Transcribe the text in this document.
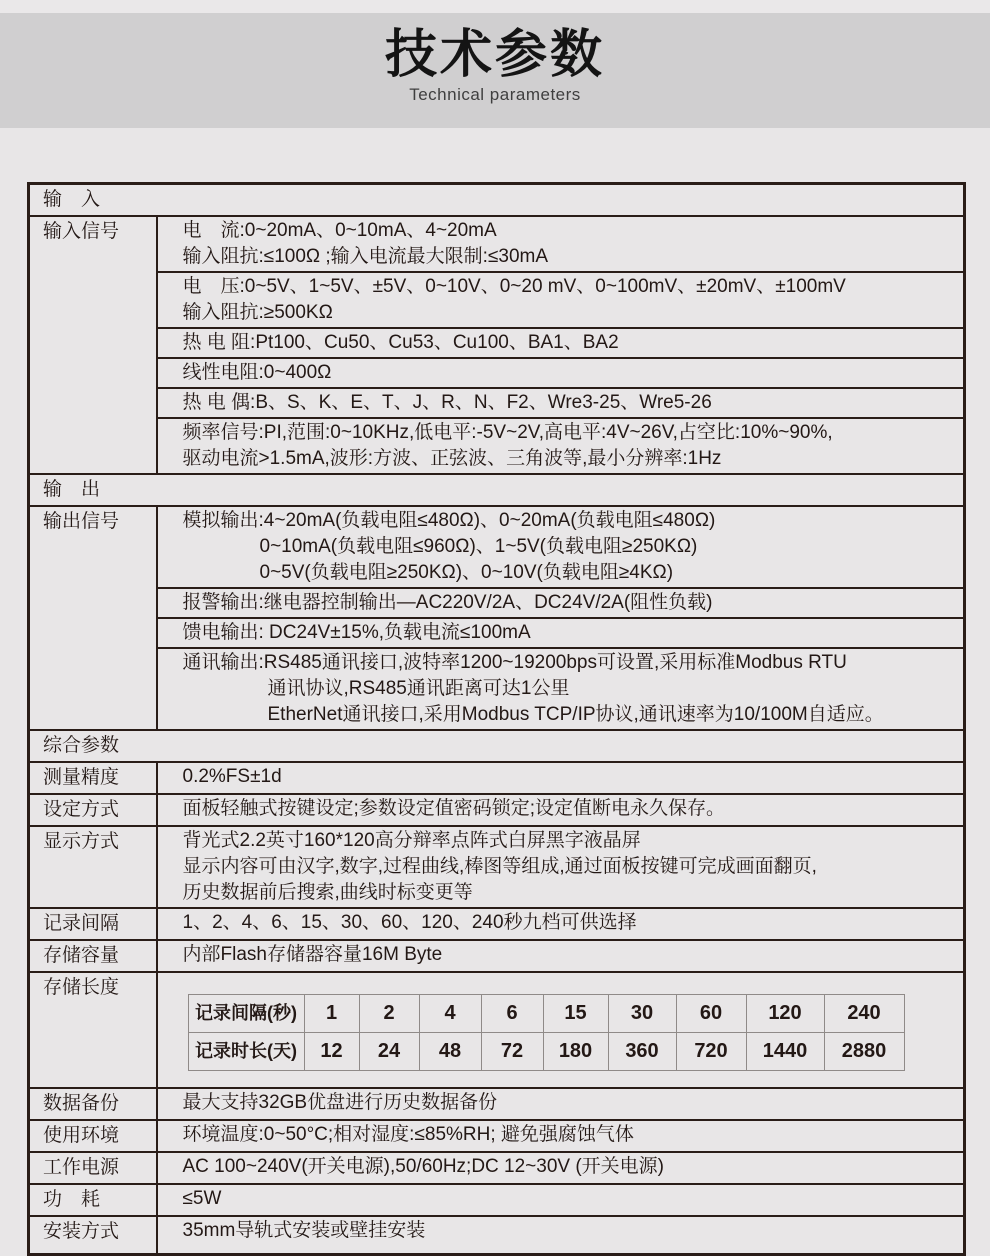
技术参数
Technical parameters
输　入
输入信号	电　流:0~20mA、0~10mA、4~20mA
输入阻抗:≤100Ω ;输入电流最大限制:≤30mA

电　压:0~5V、1~5V、±5V、0~10V、0~20 mV、0~100mV、±20mV、±100mV
输入阻抗:≥500KΩ

热 电 阻:Pt100、Cu50、Cu53、Cu100、BA1、BA2

线性电阻:0~400Ω

热 电 偶:B、S、K、E、T、J、R、N、F2、Wre3-25、Wre5-26

频率信号:PI,范围:0~10KHz,低电平:-5V~2V,高电平:4V~26V,占空比:10%~90%,
驱动电流>1.5mA,波形:方波、正弦波、三角波等,最小分辨率:1Hz

输　出
输出信号	模拟输出:4~20mA(负载电阻≤480Ω)、0~20mA(负载电阻≤480Ω)
0~10mA(负载电阻≤960Ω)、1~5V(负载电阻≥250KΩ)
0~5V(负载电阻≥250KΩ)、0~10V(负载电阻≥4KΩ)

报警输出:继电器控制输出—AC220V/2A、DC24V/2A(阻性负载)

馈电输出: DC24V±15%,负载电流≤100mA

通讯输出:RS485通讯接口,波特率1200~19200bps可设置,采用标准Modbus RTU
通讯协议,RS485通讯距离可达1公里
EtherNet通讯接口,采用Modbus TCP/IP协议,通讯速率为10/100M自适应。

综合参数
测量精度	0.2%FS±1d

设定方式	面板轻触式按键设定;参数设定值密码锁定;设定值断电永久保存。

显示方式	背光式2.2英寸160*120高分辩率点阵式白屏黑字液晶屏
显示内容可由汉字,数字,过程曲线,棒图等组成,通过面板按键可完成画面翻页,
历史数据前后搜索,曲线时标变更等

记录间隔	1、2、4、6、15、30、60、120、240秒九档可供选择

存储容量	内部Flash存储器容量16M Byte

存储长度	
记录间隔(秒)	1	2	4	6	15	30	60	120	240
记录时长(天)	12	24	48	72	180	360	720	1440	2880

数据备份	最大支持32GB优盘进行历史数据备份

使用环境	环境温度:0~50°C;相对湿度:≤85%RH; 避免强腐蚀气体

工作电源	AC 100~240V(开关电源),50/60Hz;DC 12~30V (开关电源)

功　耗	≤5W

安装方式	35mm导轨式安装或壁挂安装
